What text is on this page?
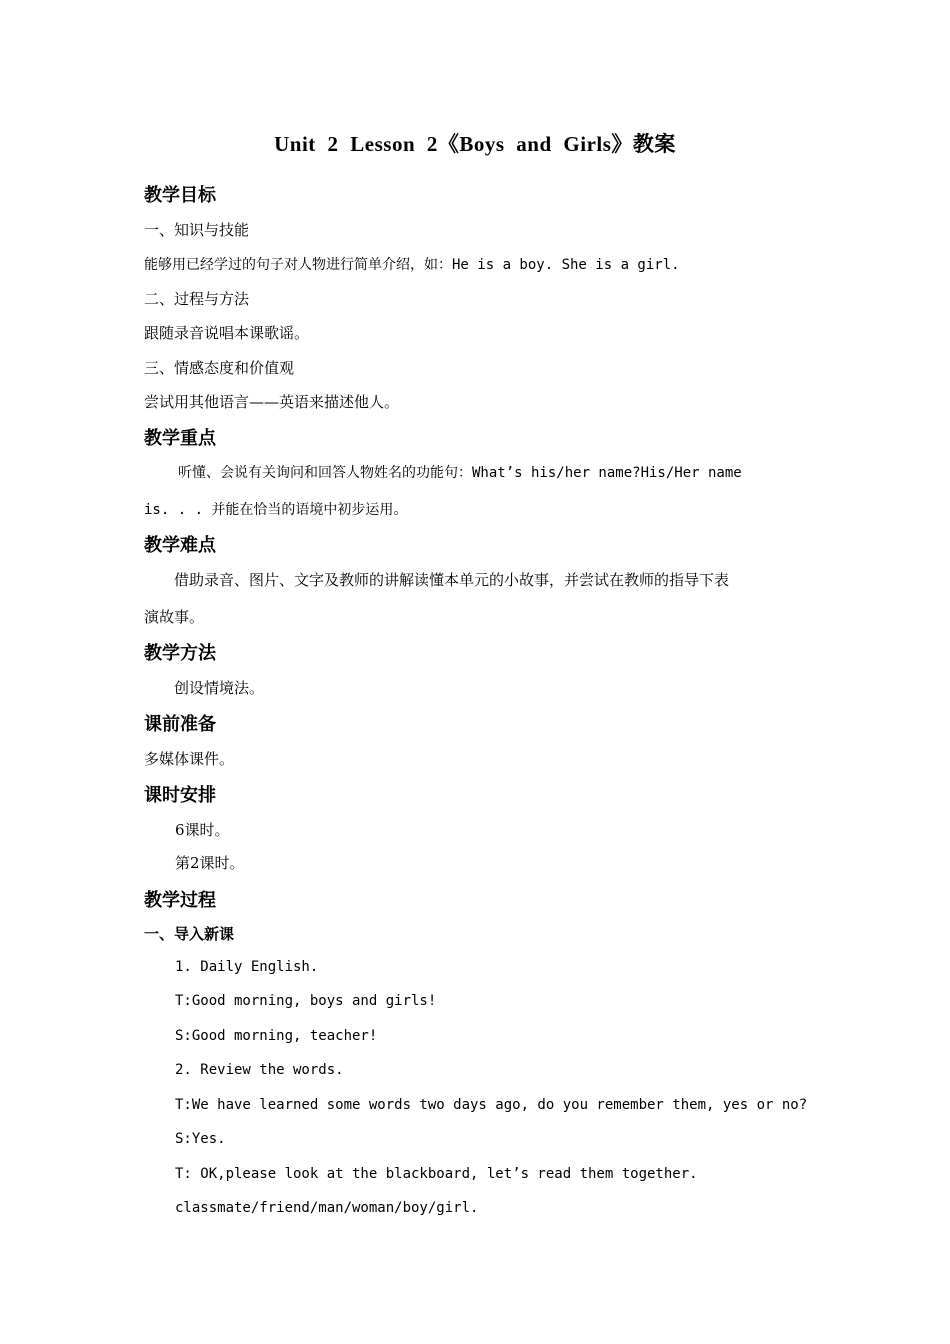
Unit 2 Lesson 2《Boys and Girls》教案
教学目标
一、知识与技能
能够用已经学过的句子对人物进行简单介绍，如：He is a boy. She is a girl.
二、过程与方法
跟随录音说唱本课歌谣。
三、情感态度和价值观
尝试用其他语言——英语来描述他人。
教学重点
听懂、会说有关询问和回答人物姓名的功能句：What’s his/her name?His/Her name
is. . . 并能在恰当的语境中初步运用。
教学难点
借助录音、图片、文字及教师的讲解读懂本单元的小故事，并尝试在教师的指导下表
演故事。
教学方法
创设情境法。
课前准备
多媒体课件。
课时安排
6课时。
第2课时。
教学过程
一、导入新课
1. Daily English.
T:Good morning, boys and girls!
S:Good morning, teacher!
2. Review the words.
T:We have learned some words two days ago, do you remember them, yes or no?
S:Yes.
T: OK,please look at the blackboard, let’s read them together.
classmate/friend/man/woman/boy/girl.
